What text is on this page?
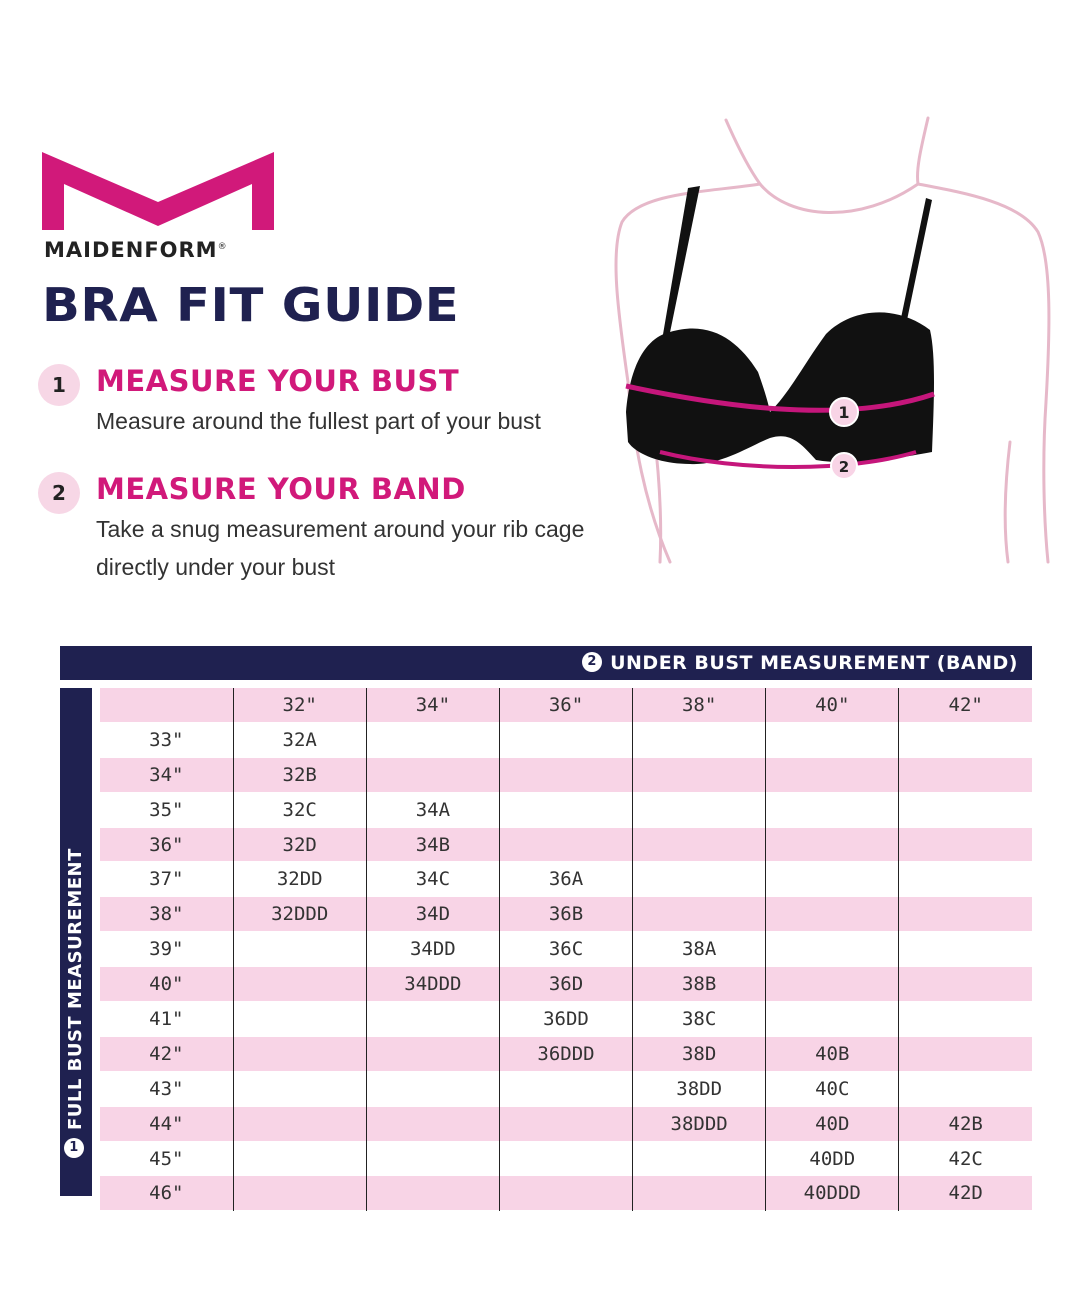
MAIDENFORM®
BRA FIT GUIDE
1	MEASURE YOUR BUST
Measure around the fullest part of your bust
2	MEASURE YOUR BAND
Take a snug measurement around your rib cage
directly under your bust
1
2
2 UNDER BUST MEASUREMENT (BAND)
1FULL BUST MEASUREMENT
	32"	34"	36"	38"	40"	42"
33"	32A					
34"	32B					
35"	32C	34A				
36"	32D	34B				
37"	32DD	34C	36A			
38"	32DDD	34D	36B			
39"		34DD	36C	38A		
40"		34DDD	36D	38B		
41"			36DD	38C		
42"			36DDD	38D	40B	
43"				38DD	40C	
44"				38DDD	40D	42B
45"					40DD	42C
46"					40DDD	42D
